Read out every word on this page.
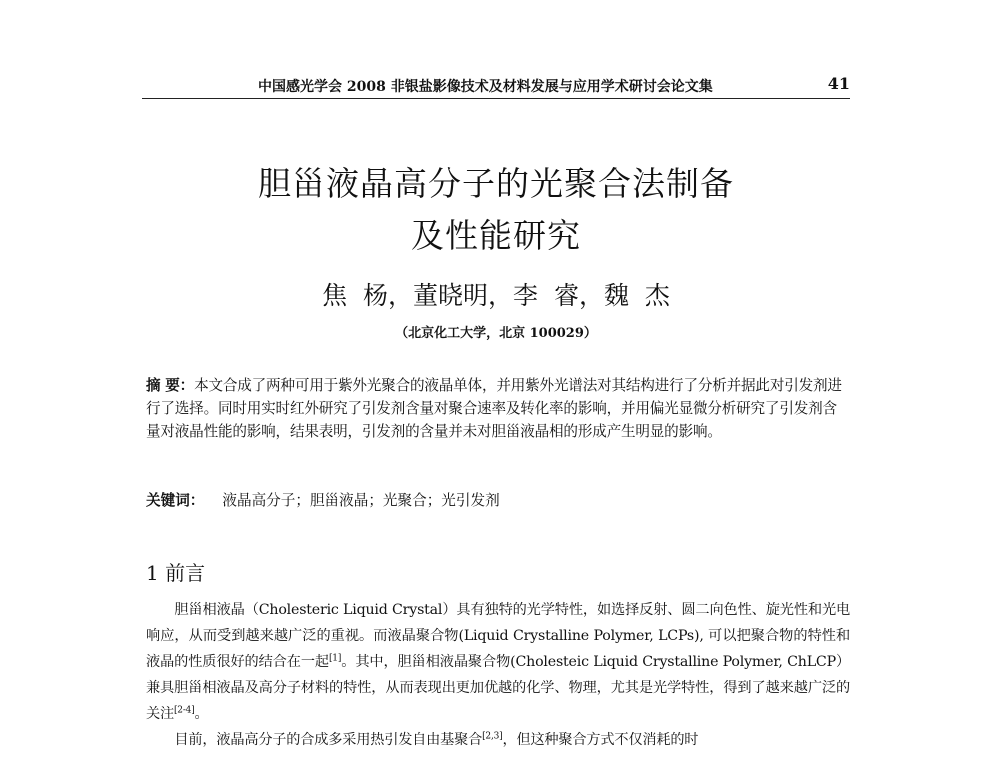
中国感光学会 2008 非银盐影像技术及材料发展与应用学术研讨会论文集	41
胆甾液晶高分子的光聚合法制备
及性能研究
焦  杨，董晓明，李  睿，魏  杰
（北京化工大学，北京 100029）
摘 要：本文合成了两种可用于紫外光聚合的液晶单体，并用紫外光谱法对其结构进行了分析并据此对引发剂进行了选择。同时用实时红外研究了引发剂含量对聚合速率及转化率的影响，并用偏光显微分析研究了引发剂含量对液晶性能的影响，结果表明，引发剂的含量并未对胆甾液晶相的形成产生明显的影响。
关键词： 液晶高分子；胆甾液晶；光聚合；光引发剂
1 前言

胆甾相液晶（Cholesteric Liquid Crystal）具有独特的光学特性，如选择反射、圆二向色性、旋光性和光电响应，从而受到越来越广泛的重视。而液晶聚合物(Liquid Crystalline Polymer, LCPs), 可以把聚合物的特性和液晶的性质很好的结合在一起[1]。其中，胆甾相液晶聚合物(Cholesteic Liquid Crystalline Polymer, ChLCP）兼具胆甾相液晶及高分子材料的特性，从而表现出更加优越的化学、物理，尤其是光学特性，得到了越来越广泛的关注[2-4]。

目前，液晶高分子的合成多采用热引发自由基聚合[2,3]，但这种聚合方式不仅消耗的时
